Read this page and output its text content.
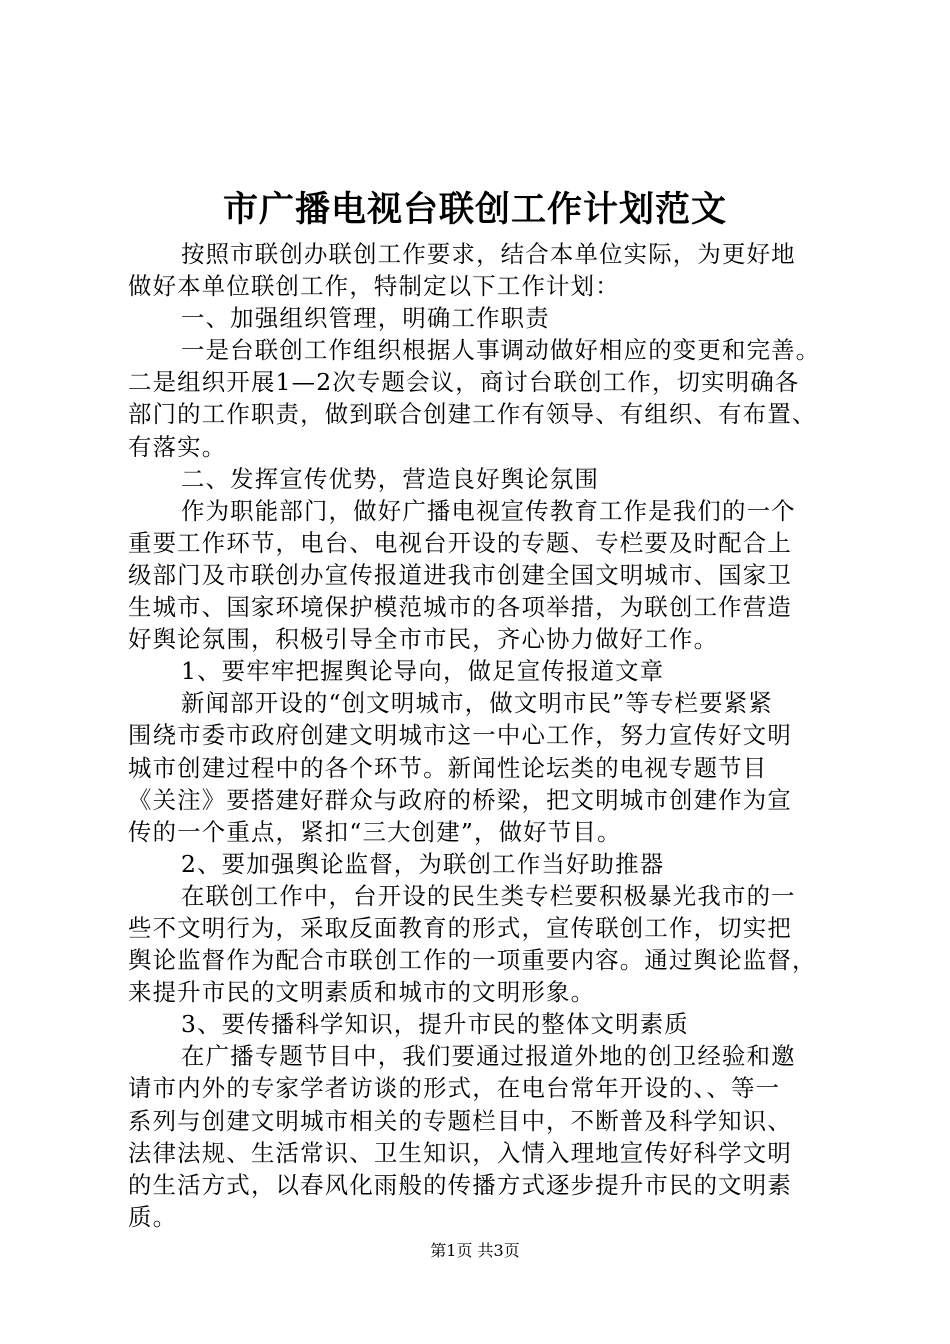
市广播电视台联创工作计划范文
按照市联创办联创工作要求，结合本单位实际，为更好地
做好本单位联创工作，特制定以下工作计划：
一、加强组织管理，明确工作职责
一是台联创工作组织根据人事调动做好相应的变更和完善。
二是组织开展1—2次专题会议，商讨台联创工作，切实明确各
部门的工作职责，做到联合创建工作有领导、有组织、有布置、
有落实。
二、发挥宣传优势，营造良好舆论氛围
作为职能部门，做好广播电视宣传教育工作是我们的一个
重要工作环节，电台、电视台开设的专题、专栏要及时配合上
级部门及市联创办宣传报道进我市创建全国文明城市、国家卫
生城市、国家环境保护模范城市的各项举措，为联创工作营造
好舆论氛围，积极引导全市市民，齐心协力做好工作。
1、要牢牢把握舆论导向，做足宣传报道文章
新闻部开设的“创文明城市，做文明市民”等专栏要紧紧
围绕市委市政府创建文明城市这一中心工作，努力宣传好文明
城市创建过程中的各个环节。新闻性论坛类的电视专题节目
《关注》要搭建好群众与政府的桥梁，把文明城市创建作为宣
传的一个重点，紧扣“三大创建”，做好节目。
2、要加强舆论监督，为联创工作当好助推器
在联创工作中，台开设的民生类专栏要积极暴光我市的一
些不文明行为，采取反面教育的形式，宣传联创工作，切实把
舆论监督作为配合市联创工作的一项重要内容。通过舆论监督，
来提升市民的文明素质和城市的文明形象。
3、要传播科学知识，提升市民的整体文明素质
在广播专题节目中，我们要通过报道外地的创卫经验和邀
请市内外的专家学者访谈的形式，在电台常年开设的、、等一
系列与创建文明城市相关的专题栏目中，不断普及科学知识、
法律法规、生活常识、卫生知识，入情入理地宣传好科学文明
的生活方式，以春风化雨般的传播方式逐步提升市民的文明素
质。
第1页 共3页
